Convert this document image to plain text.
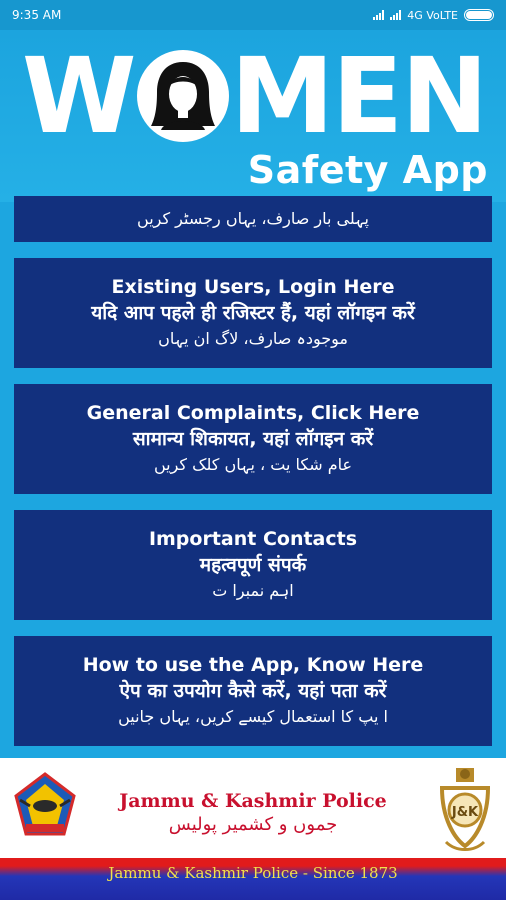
9:35 AM	4G VoLTE
W MEN
Safety App
پہلی بار صارف، یہاں رجسٹر کریں
Existing Users, Login Here
यदि आप पहले ही रजिस्टर हैं, यहां लॉगइन करें
موجودہ صارف، لاگ ان یہاں
General Complaints, Click Here
सामान्य शिकायत, यहां लॉगइन करें
عام شکا یت ، یہاں کلک کریں
Important Contacts
महत्वपूर्ण संपर्क
اہم نمبرا ت
How to use the App, Know Here
ऐप का उपयोग कैसे करें, यहां पता करें
ا یپ کا استعمال کیسے کریں، یہاں جانیں
Jammu & Kashmir Police
جموں و کشمیر پولیس
J&K
Jammu & Kashmir Police - Since 1873
